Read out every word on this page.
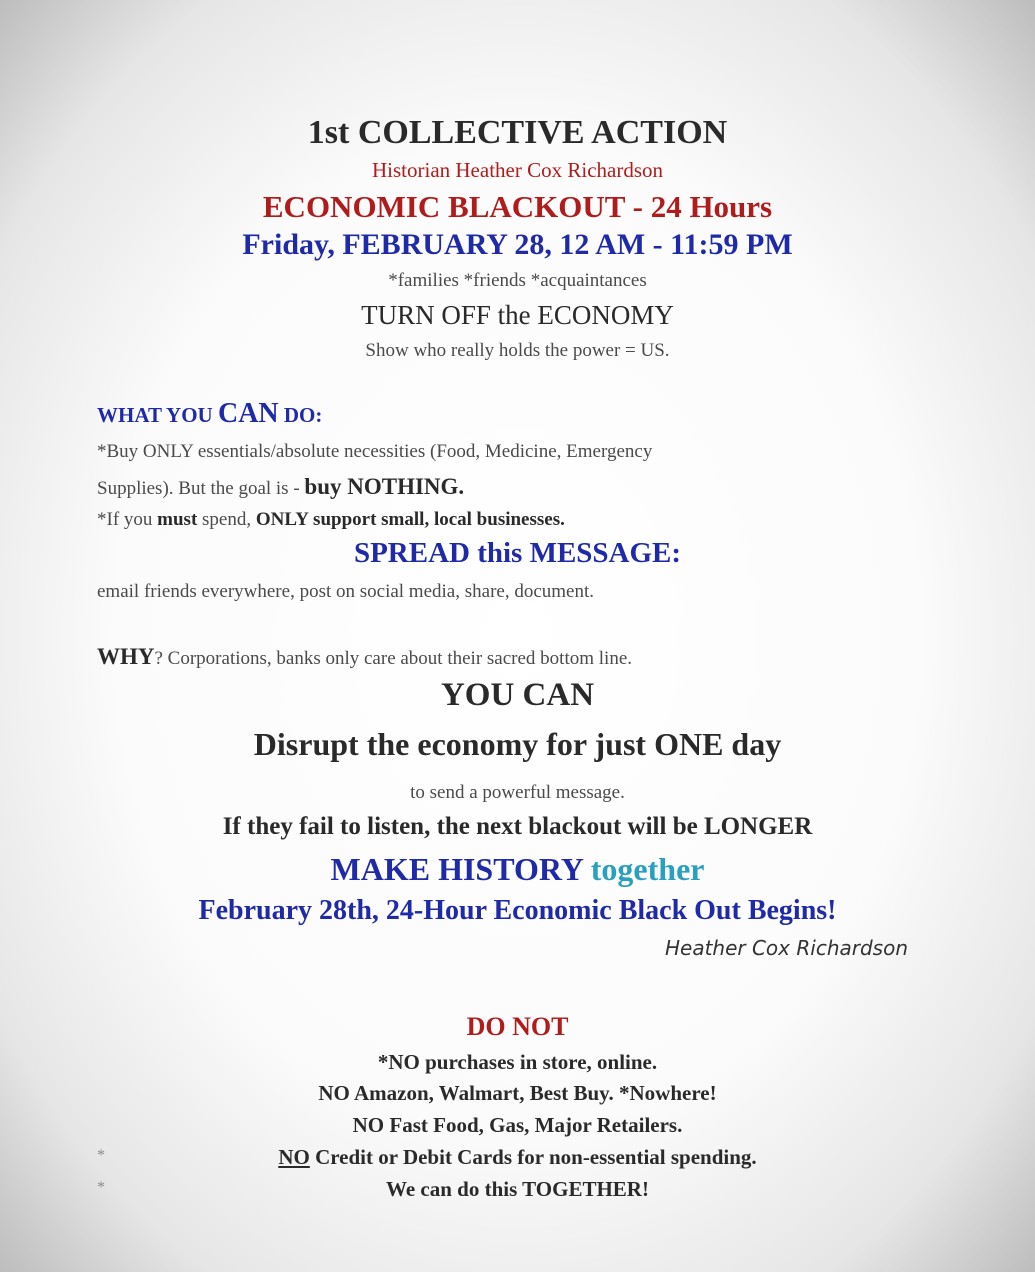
1st COLLECTIVE ACTION
Historian Heather Cox Richardson
ECONOMIC BLACKOUT - 24 Hours
Friday, FEBRUARY 28, 12 AM - 11:59 PM
*families *friends *acquaintances
TURN OFF the ECONOMY
Show who really holds the power = US.
WHAT YOU CAN DO:
*Buy ONLY essentials/absolute necessities (Food, Medicine, Emergency
Supplies). But the goal is - buy NOTHING.
*If you must spend, ONLY support small, local businesses.
SPREAD this MESSAGE:
email friends everywhere, post on social media, share, document.
WHY? Corporations, banks only care about their sacred bottom line.
YOU CAN
Disrupt the economy for just ONE day
to send a powerful message.
If they fail to listen, the next blackout will be LONGER
MAKE HISTORY together
February 28th, 24-Hour Economic Black Out Begins!
Heather Cox Richardson
DO NOT
*NO purchases in store, online.
NO Amazon, Walmart, Best Buy. *Nowhere!
NO Fast Food, Gas, Major Retailers.
NO Credit or Debit Cards for non-essential spending.
We can do this TOGETHER!
*
*
